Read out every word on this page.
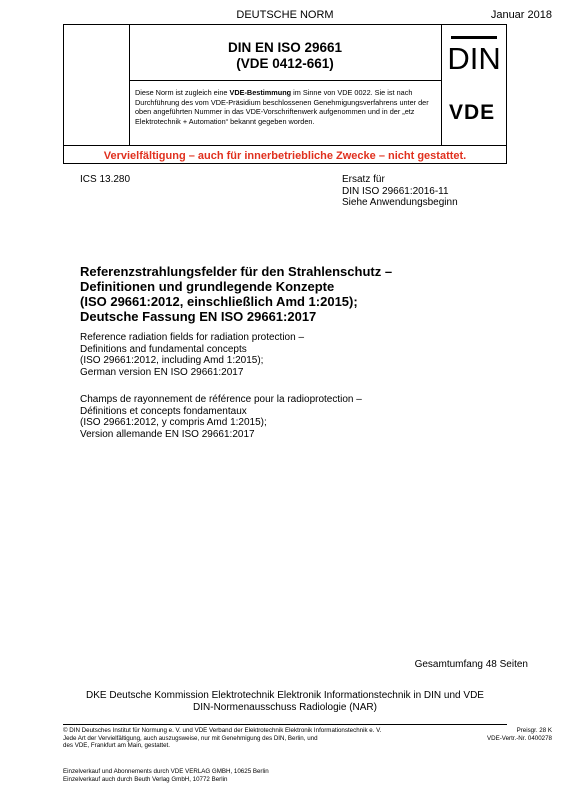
DEUTSCHE NORM	Januar 2018
DIN EN ISO 29661
(VDE 0412-661)
Diese Norm ist zugleich eine VDE-Bestimmung im Sinne von VDE 0022. Sie ist nach Durchführung des vom VDE-Präsidium beschlossenen Genehmigungsverfahrens unter der oben angeführten Nummer in das VDE-Vorschriftenwerk aufgenommen und in der „etz Elektrotechnik + Automation“ bekannt gegeben worden.
DIN
VDE
Vervielfältigung – auch für innerbetriebliche Zwecke – nicht gestattet.
ICS 13.280	Ersatz für
DIN ISO 29661:2016-11
Siehe Anwendungsbeginn
Referenzstrahlungsfelder für den Strahlenschutz –
Definitionen und grundlegende Konzepte
(ISO 29661:2012, einschließlich Amd 1:2015);
Deutsche Fassung EN ISO 29661:2017
Reference radiation fields for radiation protection –
Definitions and fundamental concepts
(ISO 29661:2012, including Amd 1:2015);
German version EN ISO 29661:2017
Champs de rayonnement de référence pour la radioprotection –
Définitions et concepts fondamentaux
(ISO 29661:2012, y compris Amd 1:2015);
Version allemande EN ISO 29661:2017
Gesamtumfang 48 Seiten
DKE Deutsche Kommission Elektrotechnik Elektronik Informationstechnik in DIN und VDE
DIN-Normenausschuss Radiologie (NAR)
© DIN Deutsches Institut für Normung e. V. und VDE Verband der Elektrotechnik Elektronik Informationstechnik e. V.
Jede Art der Vervielfältigung, auch auszugsweise, nur mit Genehmigung des DIN, Berlin, und
des VDE, Frankfurt am Main, gestattet.
Preisgr. 28 K
VDE-Vertr.-Nr. 0400278
Einzelverkauf und Abonnements durch VDE VERLAG GMBH, 10625 Berlin
Einzelverkauf auch durch Beuth Verlag GmbH, 10772 Berlin
